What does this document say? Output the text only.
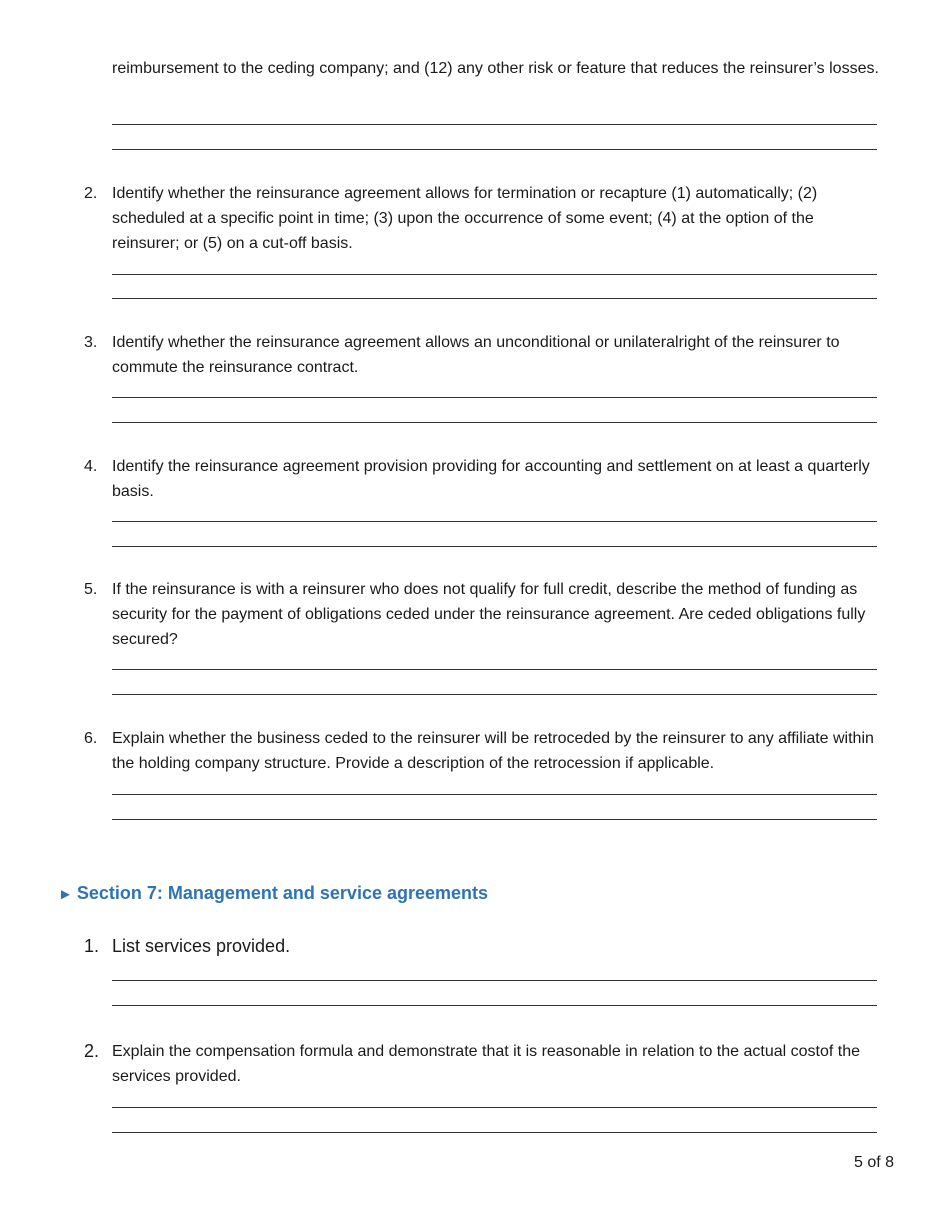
reimbursement to the ceding company; and (12) any other risk or feature that reduces the reinsurer’s losses.

2. Identify whether the reinsurance agreement allows for termination or recapture (1) automatically; (2) scheduled at a specific point in time; (3) upon the occurrence of some event; (4) at the option of the reinsurer; or (5) on a cut-off basis.

3. Identify whether the reinsurance agreement allows an unconditional or unilateralright of the reinsurer to commute the reinsurance contract.

4. Identify the reinsurance agreement provision providing for accounting and settlement on at least a quarterly basis.

5. If the reinsurance is with a reinsurer who does not qualify for full credit, describe the method of funding as security for the payment of obligations ceded under the reinsurance agreement. Are ceded obligations fully secured?

6. Explain whether the business ceded to the reinsurer will be retroceded by the reinsurer to any affiliate within the holding company structure. Provide a description of the retrocession if applicable.

► Section 7: Management and service agreements
1. List services provided.

2. Explain the compensation formula and demonstrate that it is reasonable in relation to the actual costof the services provided.

5 of 8
